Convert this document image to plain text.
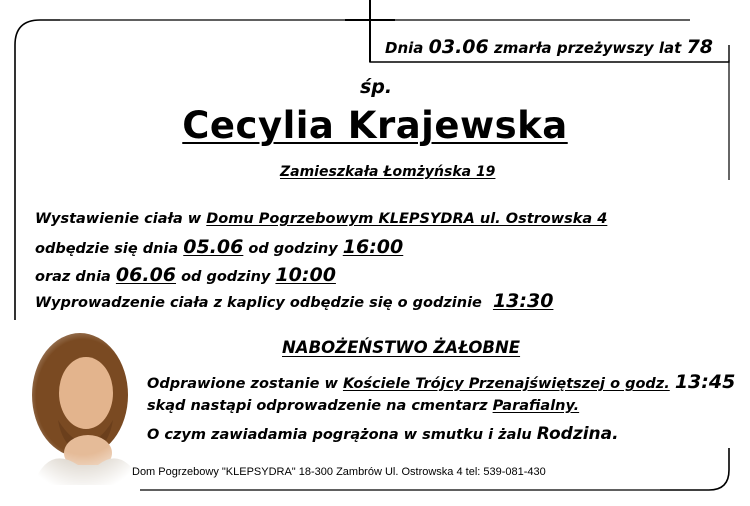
Dnia 03.06 zmarła przeżywszy lat 78
śp.
Cecylia Krajewska
Zamieszkała Łomżyńska 19
Wystawienie ciała w Domu Pogrzebowym KLEPSYDRA ul. Ostrowska 4
odbędzie się dnia 05.06 od godziny 16:00
oraz dnia 06.06 od godziny 10:00
Wyprowadzenie ciała z kaplicy odbędzie się o godzinie 13:30
NABOŻEŃSTWO ŻAŁOBNE
Odprawione zostanie w Kościele Trójcy Przenajświętszej o godz. 13:45
skąd nastąpi odprowadzenie na cmentarz Parafialny.
O czym zawiadamia pogrążona w smutku i żalu Rodzina.
Dom Pogrzebowy "KLEPSYDRA" 18-300 Zambrów Ul. Ostrowska 4 tel: 539-081-430
